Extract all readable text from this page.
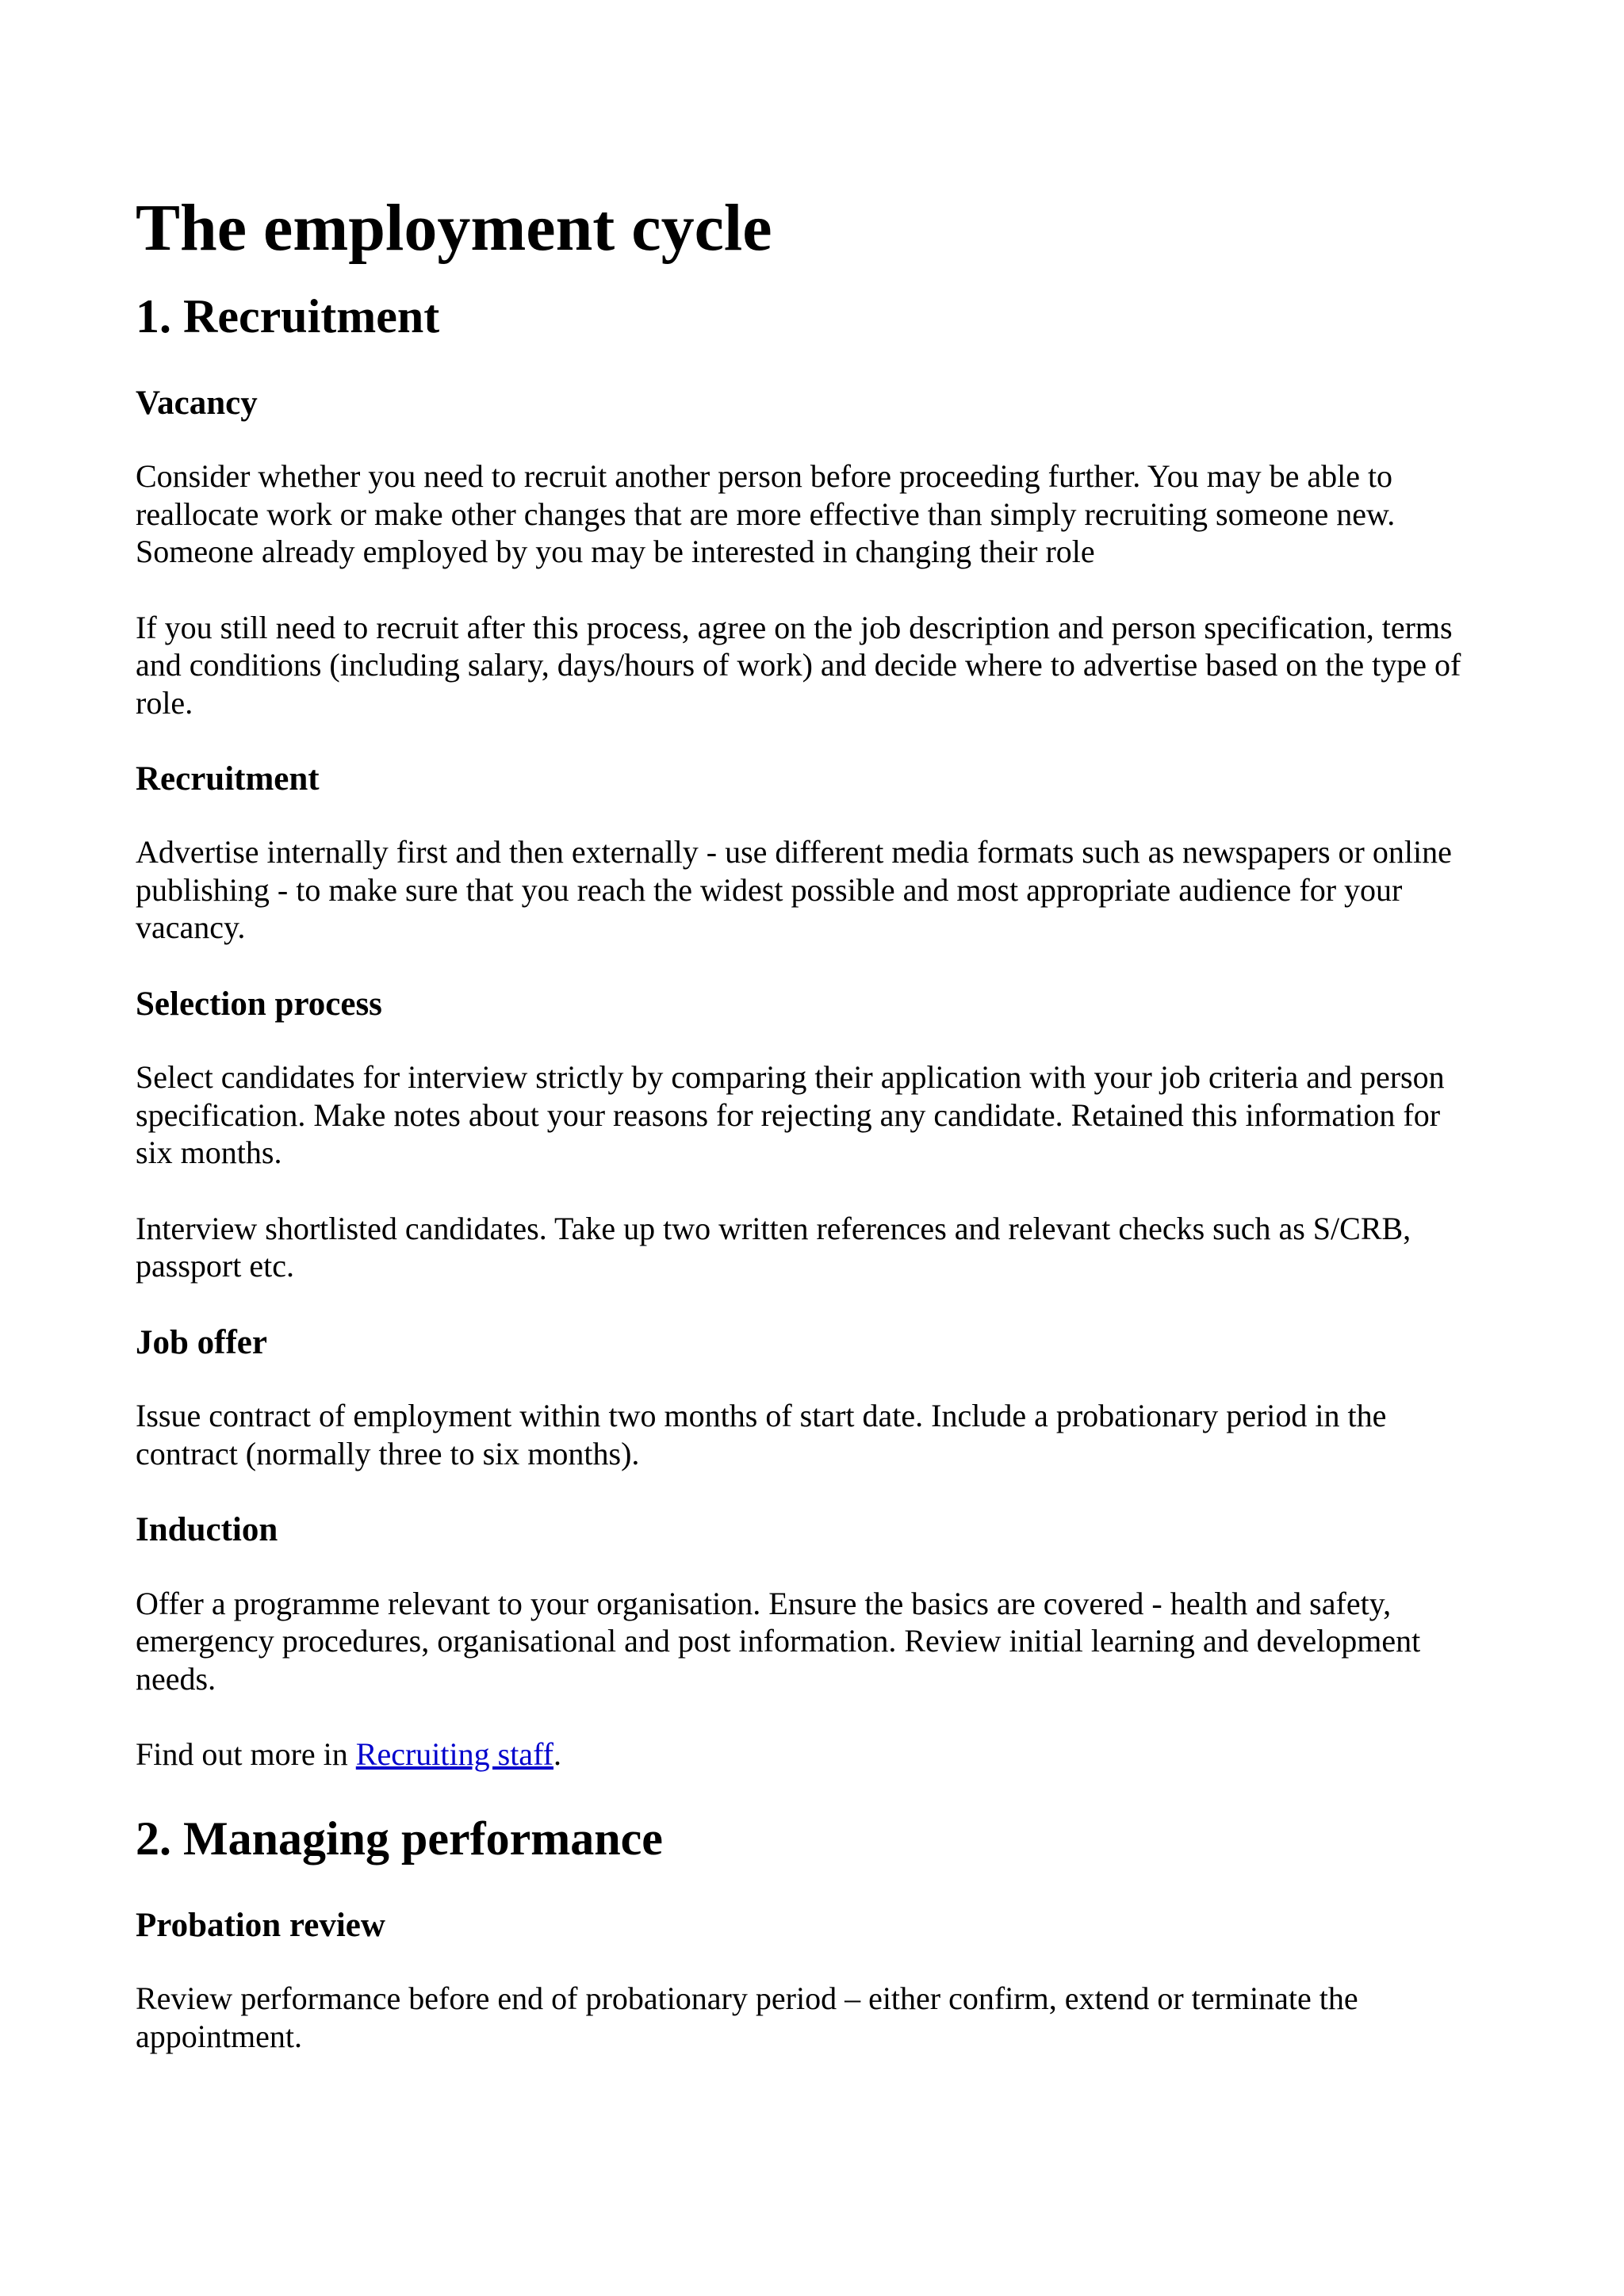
The employment cycle
1. Recruitment
Vacancy

Consider whether you need to recruit another person before proceeding further. You may be able to reallocate work or make other changes that are more effective than simply recruiting someone new. Someone already employed by you may be interested in changing their role

If you still need to recruit after this process, agree on the job description and person specification, terms and conditions (including salary, days/hours of work) and decide where to advertise based on the type of role.

Recruitment

Advertise internally first and then externally - use different media formats such as newspapers or online publishing - to make sure that you reach the widest possible and most appropriate audience for your vacancy.

Selection process

Select candidates for interview strictly by comparing their application with your job criteria and person specification. Make notes about your reasons for rejecting any candidate. Retained this information for six months.

Interview shortlisted candidates. Take up two written references and relevant checks such as S/CRB, passport etc.

Job offer

Issue contract of employment within two months of start date. Include a probationary period in the contract (normally three to six months).

Induction

Offer a programme relevant to your organisation. Ensure the basics are covered - health and safety, emergency procedures, organisational and post information. Review initial learning and development needs.

Find out more in Recruiting staff.

2. Managing performance
Probation review

Review performance before end of probationary period – either confirm, extend or terminate the appointment.
